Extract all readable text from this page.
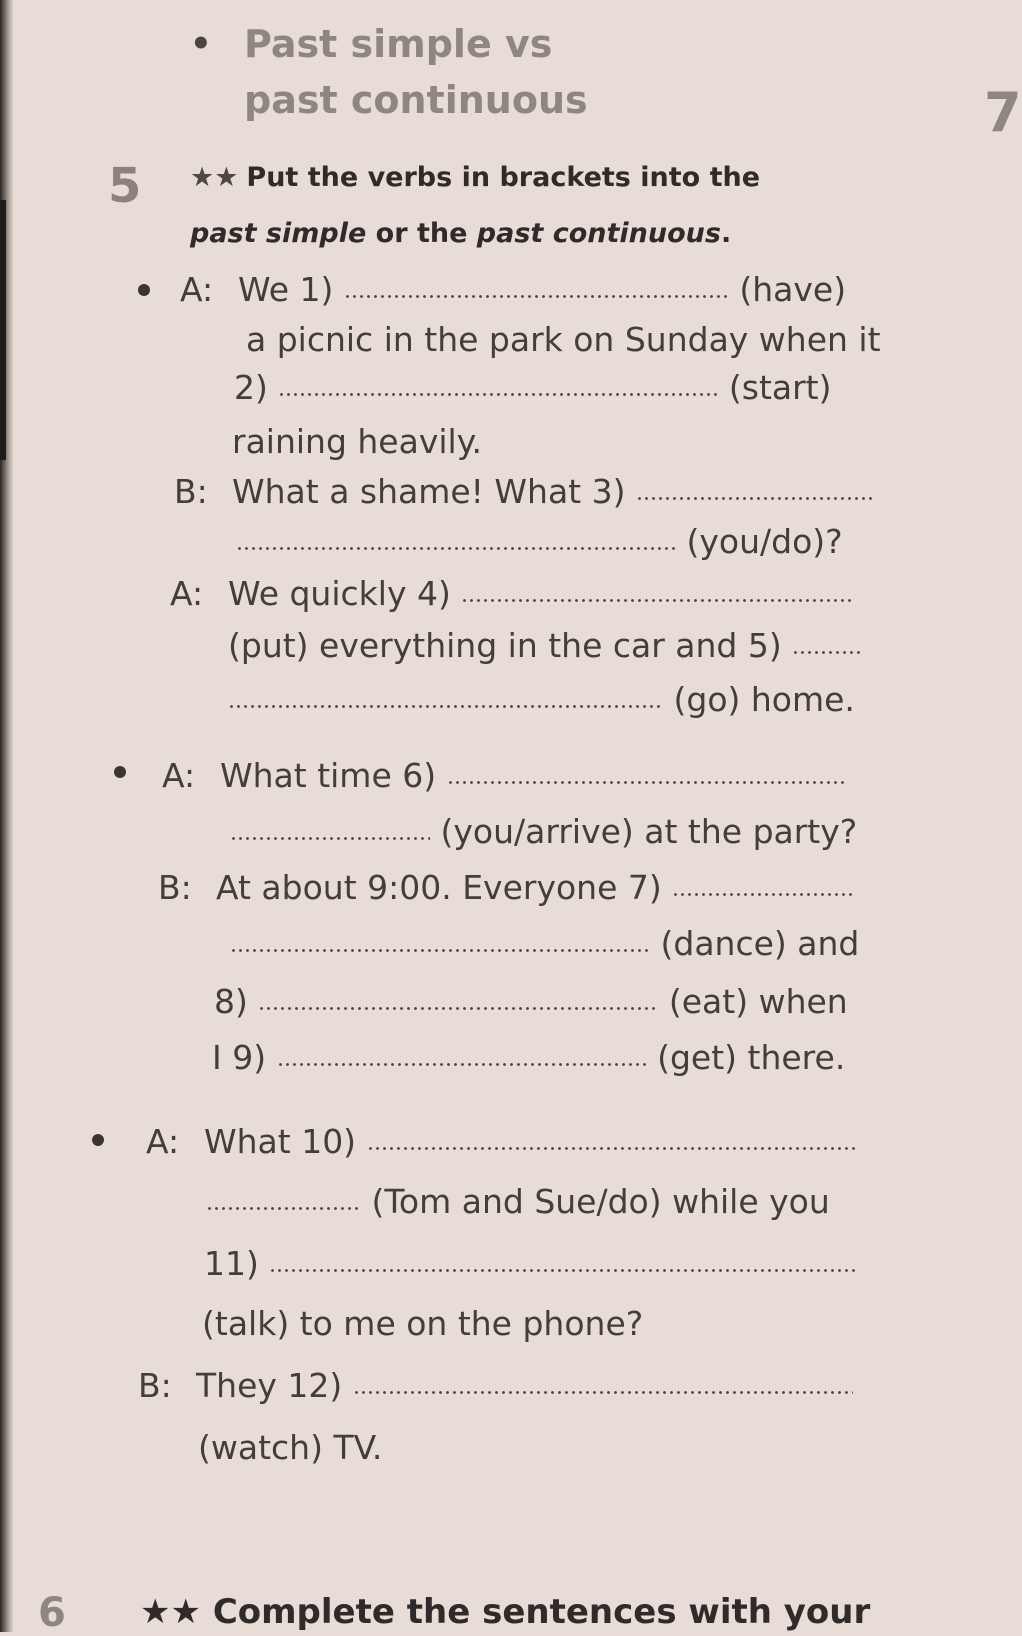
• Past simple vs
past continuous	7
5 ★★ Put the verbs in brackets into the
past simple or the past continuous.
A: We 1)	(have)
a picnic in the park on Sunday when it
2)	(start)
raining heavily.
B: What a shame! What 3)
(you/do)?
A: We quickly 4)
(put) everything in the car and 5)
(go) home.
A: What time 6)
(you/arrive) at the party?
B: At about 9:00. Everyone 7)
(dance) and
8)	(eat) when
I 9)	(get) there.
A: What 10)
(Tom and Sue/do) while you
11)
(talk) to me on the phone?
B: They 12)
(watch) TV.
6 ★★ Complete the sentences with your
